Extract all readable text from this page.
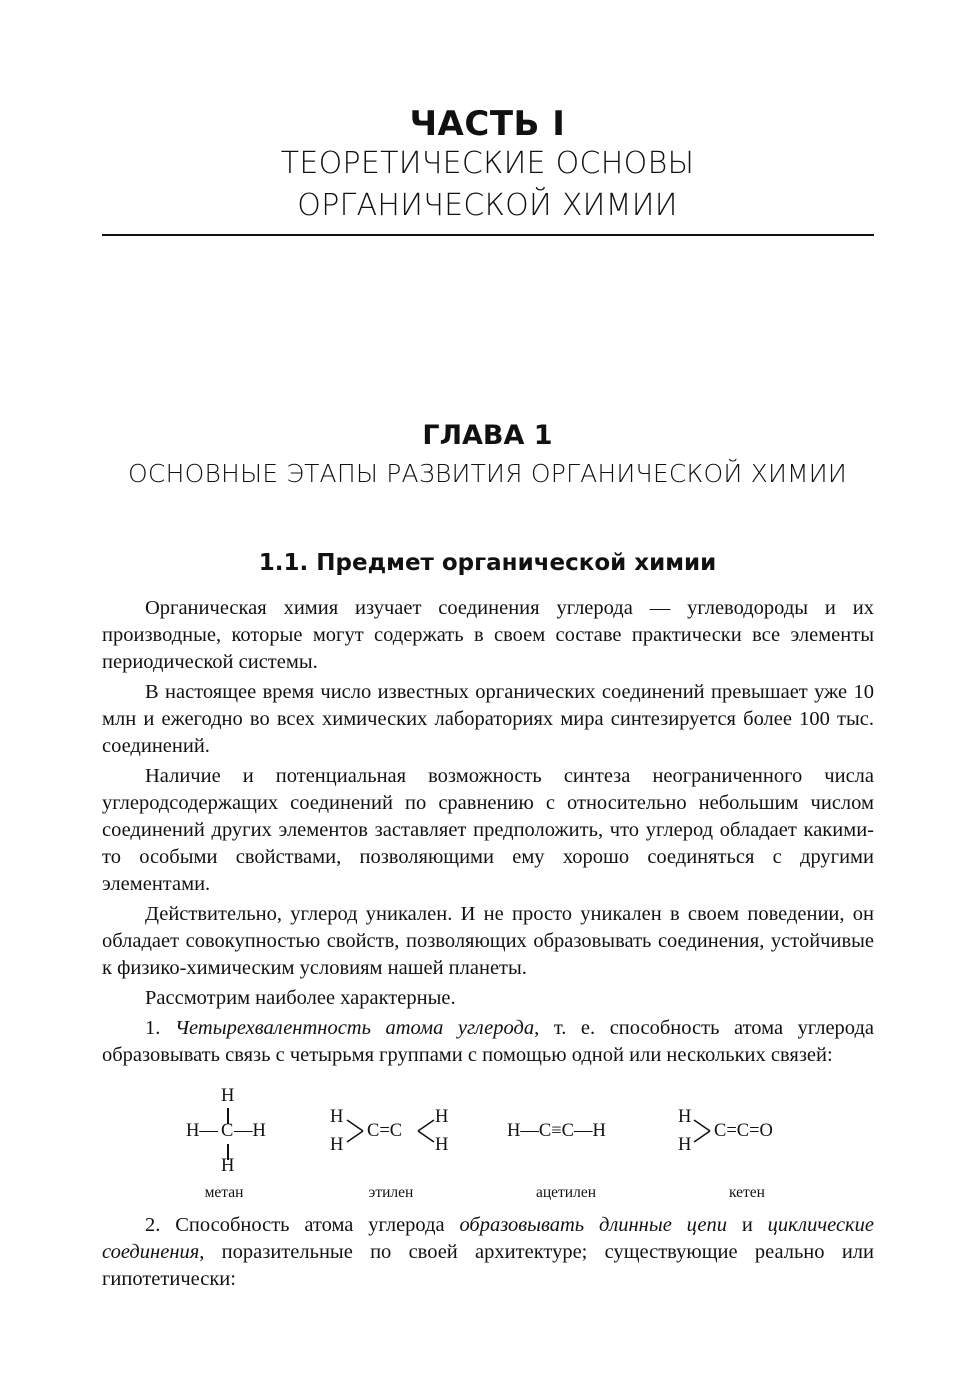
ЧАСТЬ I
ТЕОРЕТИЧЕСКИЕ ОСНОВЫ
ОРГАНИЧЕСКОЙ ХИМИИ
ГЛАВА 1
ОСНОВНЫЕ ЭТАПЫ РАЗВИТИЯ ОРГАНИЧЕСКОЙ ХИМИИ
1.1. Предмет органической химии

Органическая химия изучает соединения углерода — углеводороды и их производные, которые могут содержать в своем составе практически все элементы периодической системы.

В настоящее время число известных органических соединений превышает уже 10 млн и ежегодно во всех химических лабораториях мира синтезируется более 100 тыс. соединений.

Наличие и потенциальная возможность синтеза неограниченного числа углеродсодержащих соединений по сравнению с относительно небольшим числом соединений других элементов заставляет предположить, что углерод обладает какими-то особыми свойствами, позволяющими ему хорошо соединяться с другими элементами.

Действительно, углерод уникален. И не просто уникален в своем поведении, он обладает совокупностью свойств, позволяющих образовывать соединения, устойчивые к физико-химическим условиям нашей планеты.

Рассмотрим наиболее характерные.

1. Четырехвалентность атома углерода, т. е. способность атома углерода образовывать связь с четырьмя группами с помощью одной или нескольких связей:

H
H— C —H
H
метан
H
H
C=C
H
H
этилен
H—C≡C—H
ацетилен
H
H
C=C=O
кетен

2. Способность атома углерода образовывать длинные цепи и циклические соединения, поразительные по своей архитектуре; существующие реально или гипотетически:
